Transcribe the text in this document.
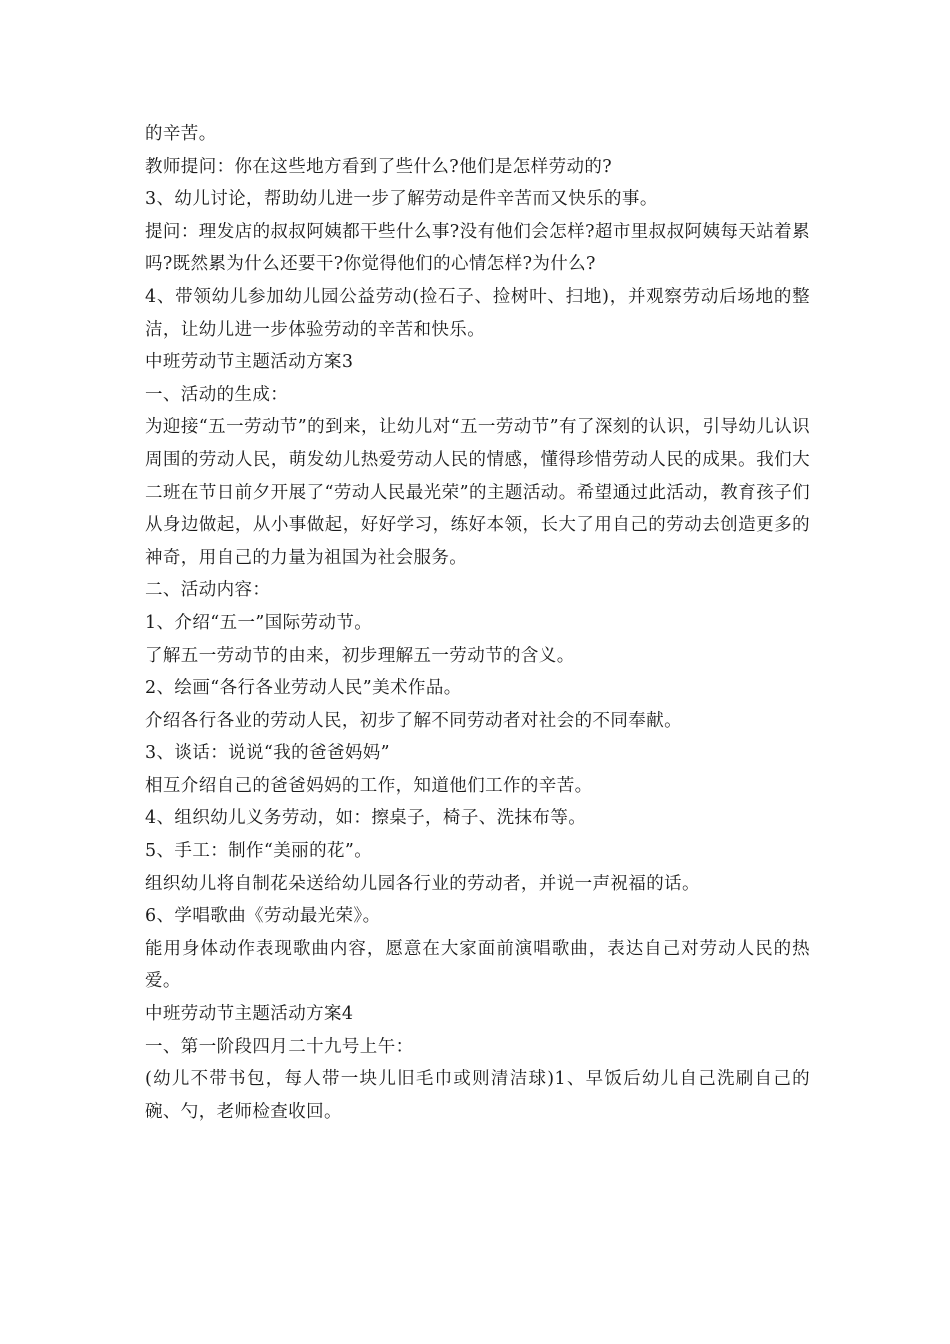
的辛苦。

教师提问：你在这些地方看到了些什么?他们是怎样劳动的?

3、幼儿讨论，帮助幼儿进一步了解劳动是件辛苦而又快乐的事。

提问：理发店的叔叔阿姨都干些什么事?没有他们会怎样?超市里叔叔阿姨每天站着累吗?既然累为什么还要干?你觉得他们的心情怎样?为什么?

4、带领幼儿参加幼儿园公益劳动(捡石子、捡树叶、扫地)，并观察劳动后场地的整洁，让幼儿进一步体验劳动的辛苦和快乐。

中班劳动节主题活动方案3

一、活动的生成：

为迎接“五一劳动节”的到来，让幼儿对“五一劳动节”有了深刻的认识，引导幼儿认识周围的劳动人民，萌发幼儿热爱劳动人民的情感，懂得珍惜劳动人民的成果。我们大二班在节日前夕开展了“劳动人民最光荣”的主题活动。希望通过此活动，教育孩子们从身边做起，从小事做起，好好学习，练好本领，长大了用自己的劳动去创造更多的神奇，用自己的力量为祖国为社会服务。

二、活动内容：

1、介绍“五一”国际劳动节。

了解五一劳动节的由来，初步理解五一劳动节的含义。

2、绘画“各行各业劳动人民”美术作品。

介绍各行各业的劳动人民，初步了解不同劳动者对社会的不同奉献。

3、谈话：说说“我的爸爸妈妈”

相互介绍自己的爸爸妈妈的工作，知道他们工作的辛苦。

4、组织幼儿义务劳动，如：擦桌子，椅子、洗抹布等。

5、手工：制作“美丽的花”。

组织幼儿将自制花朵送给幼儿园各行业的劳动者，并说一声祝福的话。

6、学唱歌曲《劳动最光荣》。

能用身体动作表现歌曲内容，愿意在大家面前演唱歌曲，表达自己对劳动人民的热爱。

中班劳动节主题活动方案4

一、第一阶段四月二十九号上午：

(幼儿不带书包，每人带一块儿旧毛巾或则清洁球)1、早饭后幼儿自己洗刷自己的碗、勺，老师检查收回。
